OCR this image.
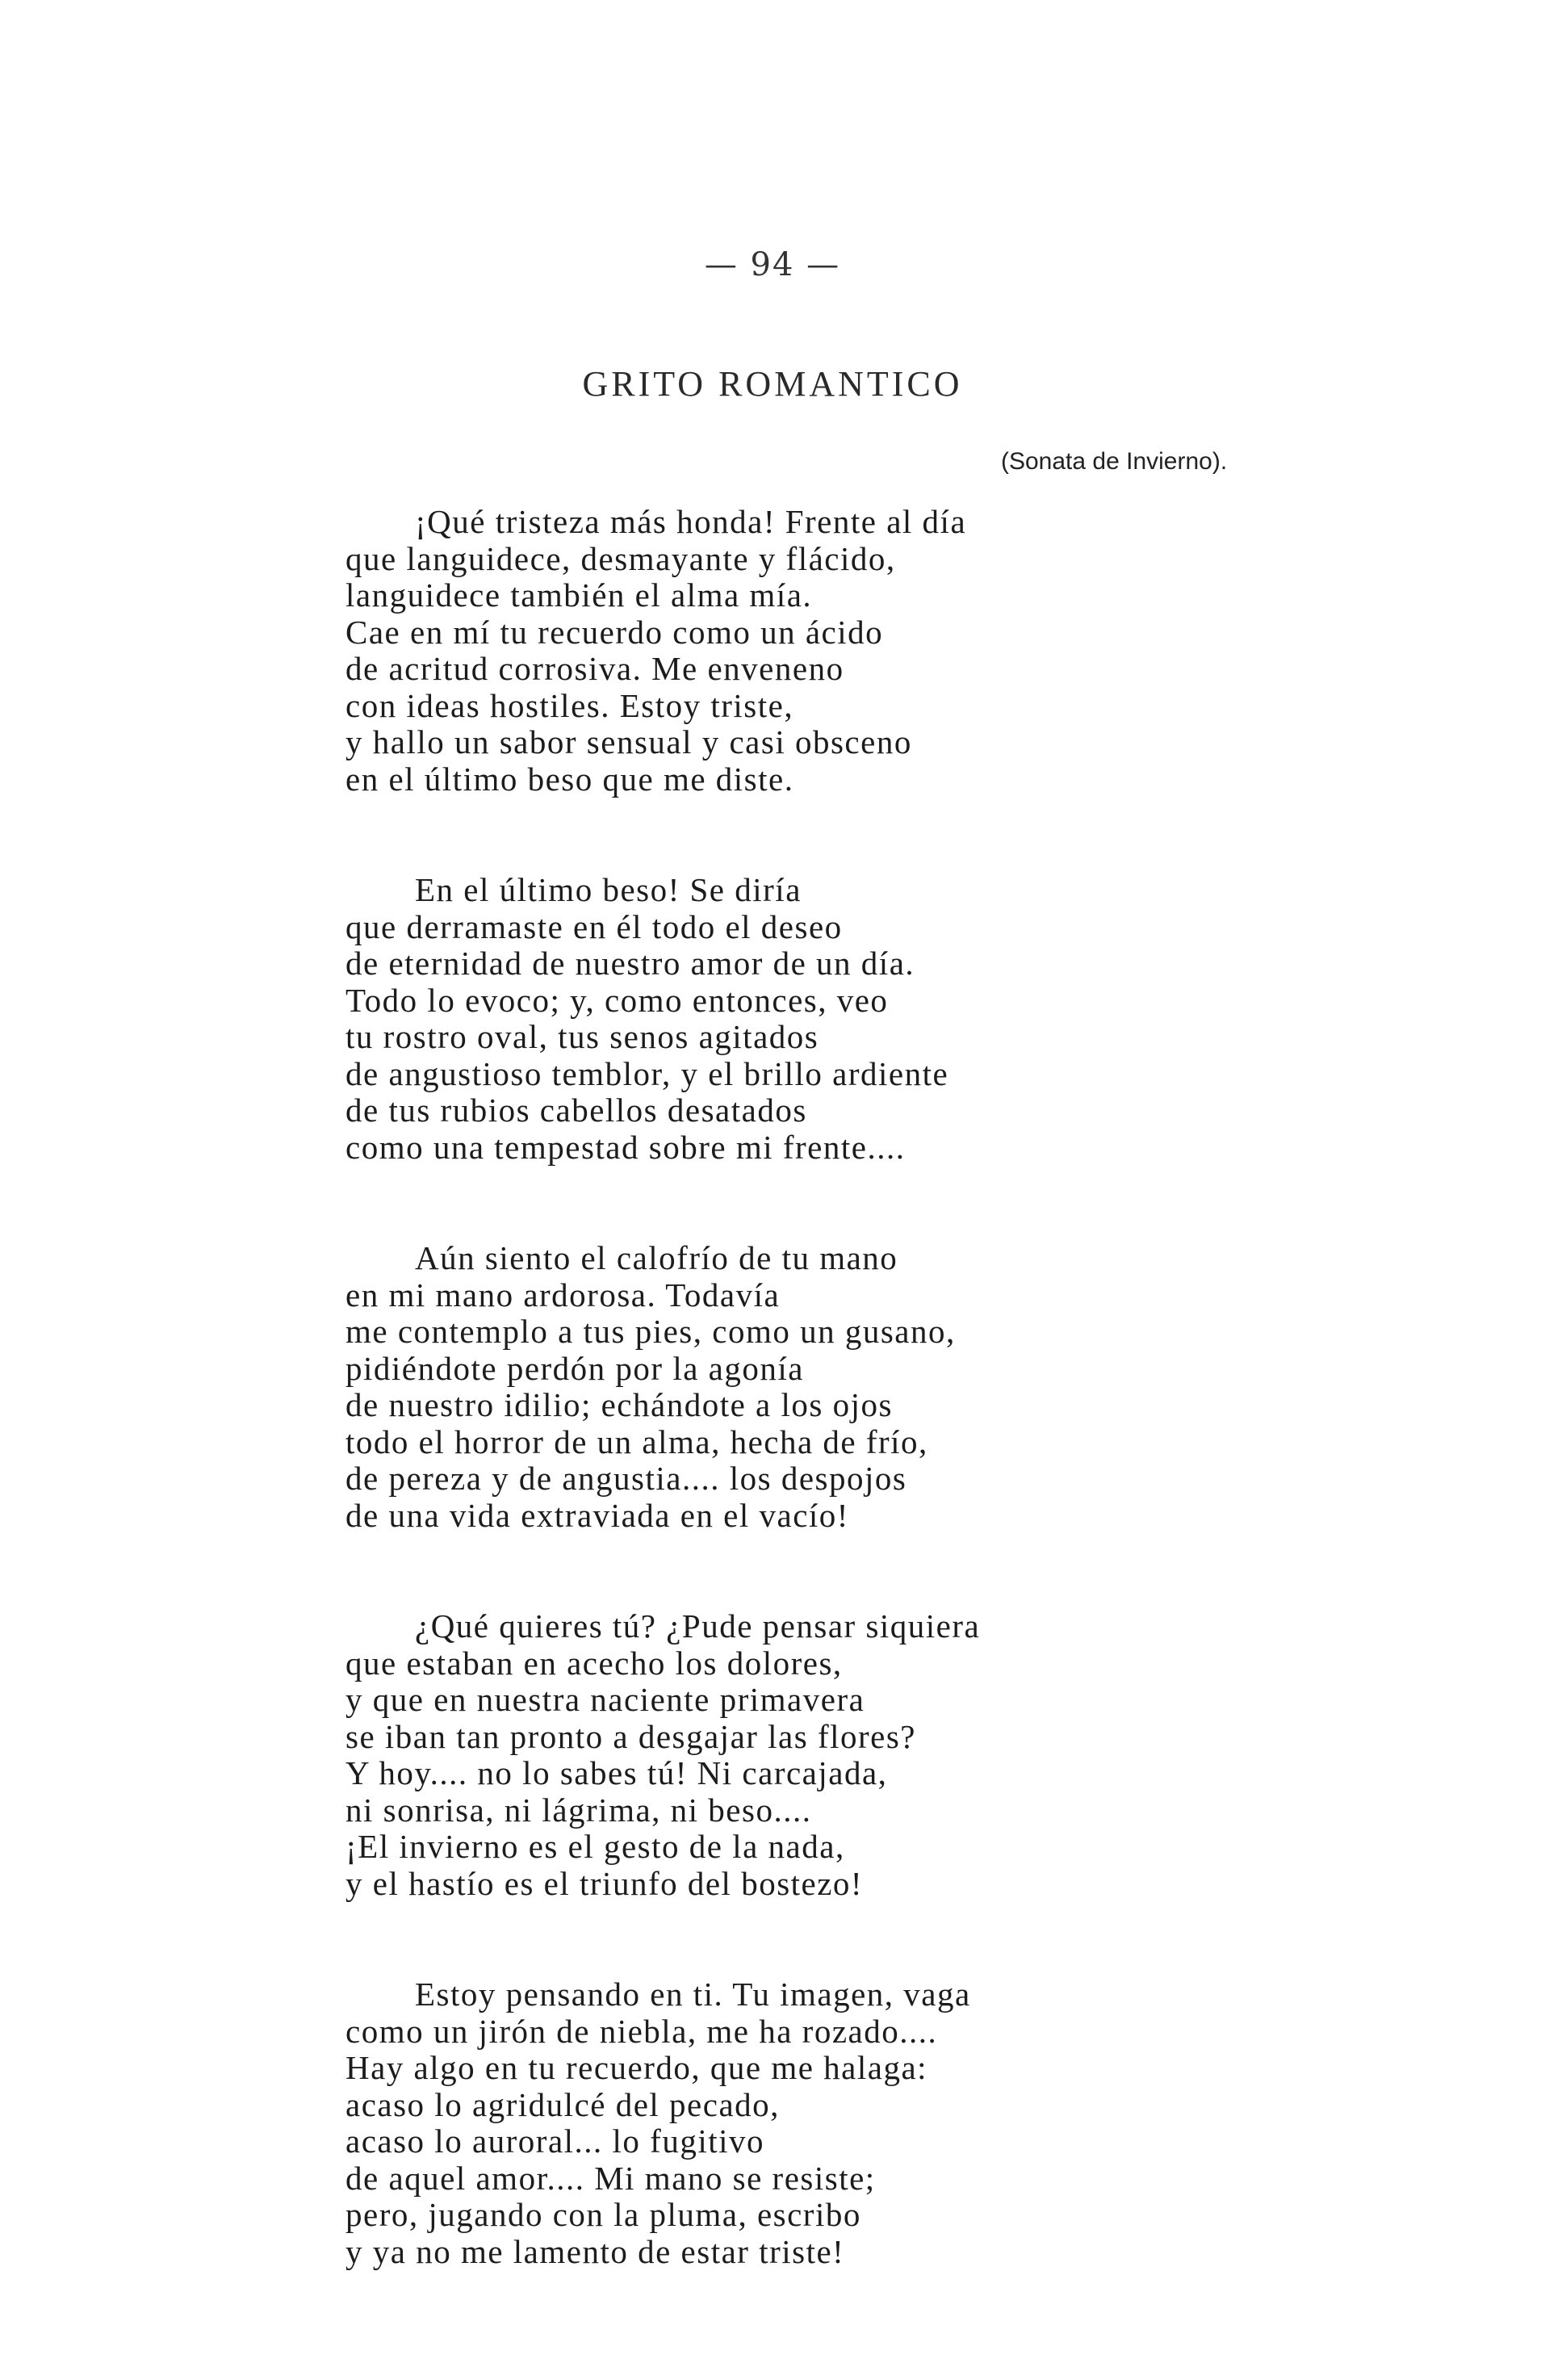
— 94 —
GRITO ROMANTICO
(Sonata de Invierno).
¡Qué tristeza más honda! Frente al día
que languidece, desmayante y flácido,
languidece también el alma mía.
Cae en mí tu recuerdo como un ácido
de acritud corrosiva. Me enveneno
con ideas hostiles. Estoy triste,
y hallo un sabor sensual y casi obsceno
en el último beso que me diste.
En el último beso! Se diría
que derramaste en él todo el deseo
de eternidad de nuestro amor de un día.
Todo lo evoco; y, como entonces, veo
tu rostro oval, tus senos agitados
de angustioso temblor, y el brillo ardiente
de tus rubios cabellos desatados
como una tempestad sobre mi frente....
Aún siento el calofrío de tu mano
en mi mano ardorosa. Todavía
me contemplo a tus pies, como un gusano,
pidiéndote perdón por la agonía
de nuestro idilio; echándote a los ojos
todo el horror de un alma, hecha de frío,
de pereza y de angustia.... los despojos
de una vida extraviada en el vacío!
¿Qué quieres tú? ¿Pude pensar siquiera
que estaban en acecho los dolores,
y que en nuestra naciente primavera
se iban tan pronto a desgajar las flores?
Y hoy.... no lo sabes tú! Ni carcajada,
ni sonrisa, ni lágrima, ni beso....
¡El invierno es el gesto de la nada,
y el hastío es el triunfo del bostezo!
Estoy pensando en ti. Tu imagen, vaga
como un jirón de niebla, me ha rozado....
Hay algo en tu recuerdo, que me halaga:
acaso lo agridulcé del pecado,
acaso lo auroral... lo fugitivo
de aquel amor.... Mi mano se resiste;
pero, jugando con la pluma, escribo
y ya no me lamento de estar triste!
